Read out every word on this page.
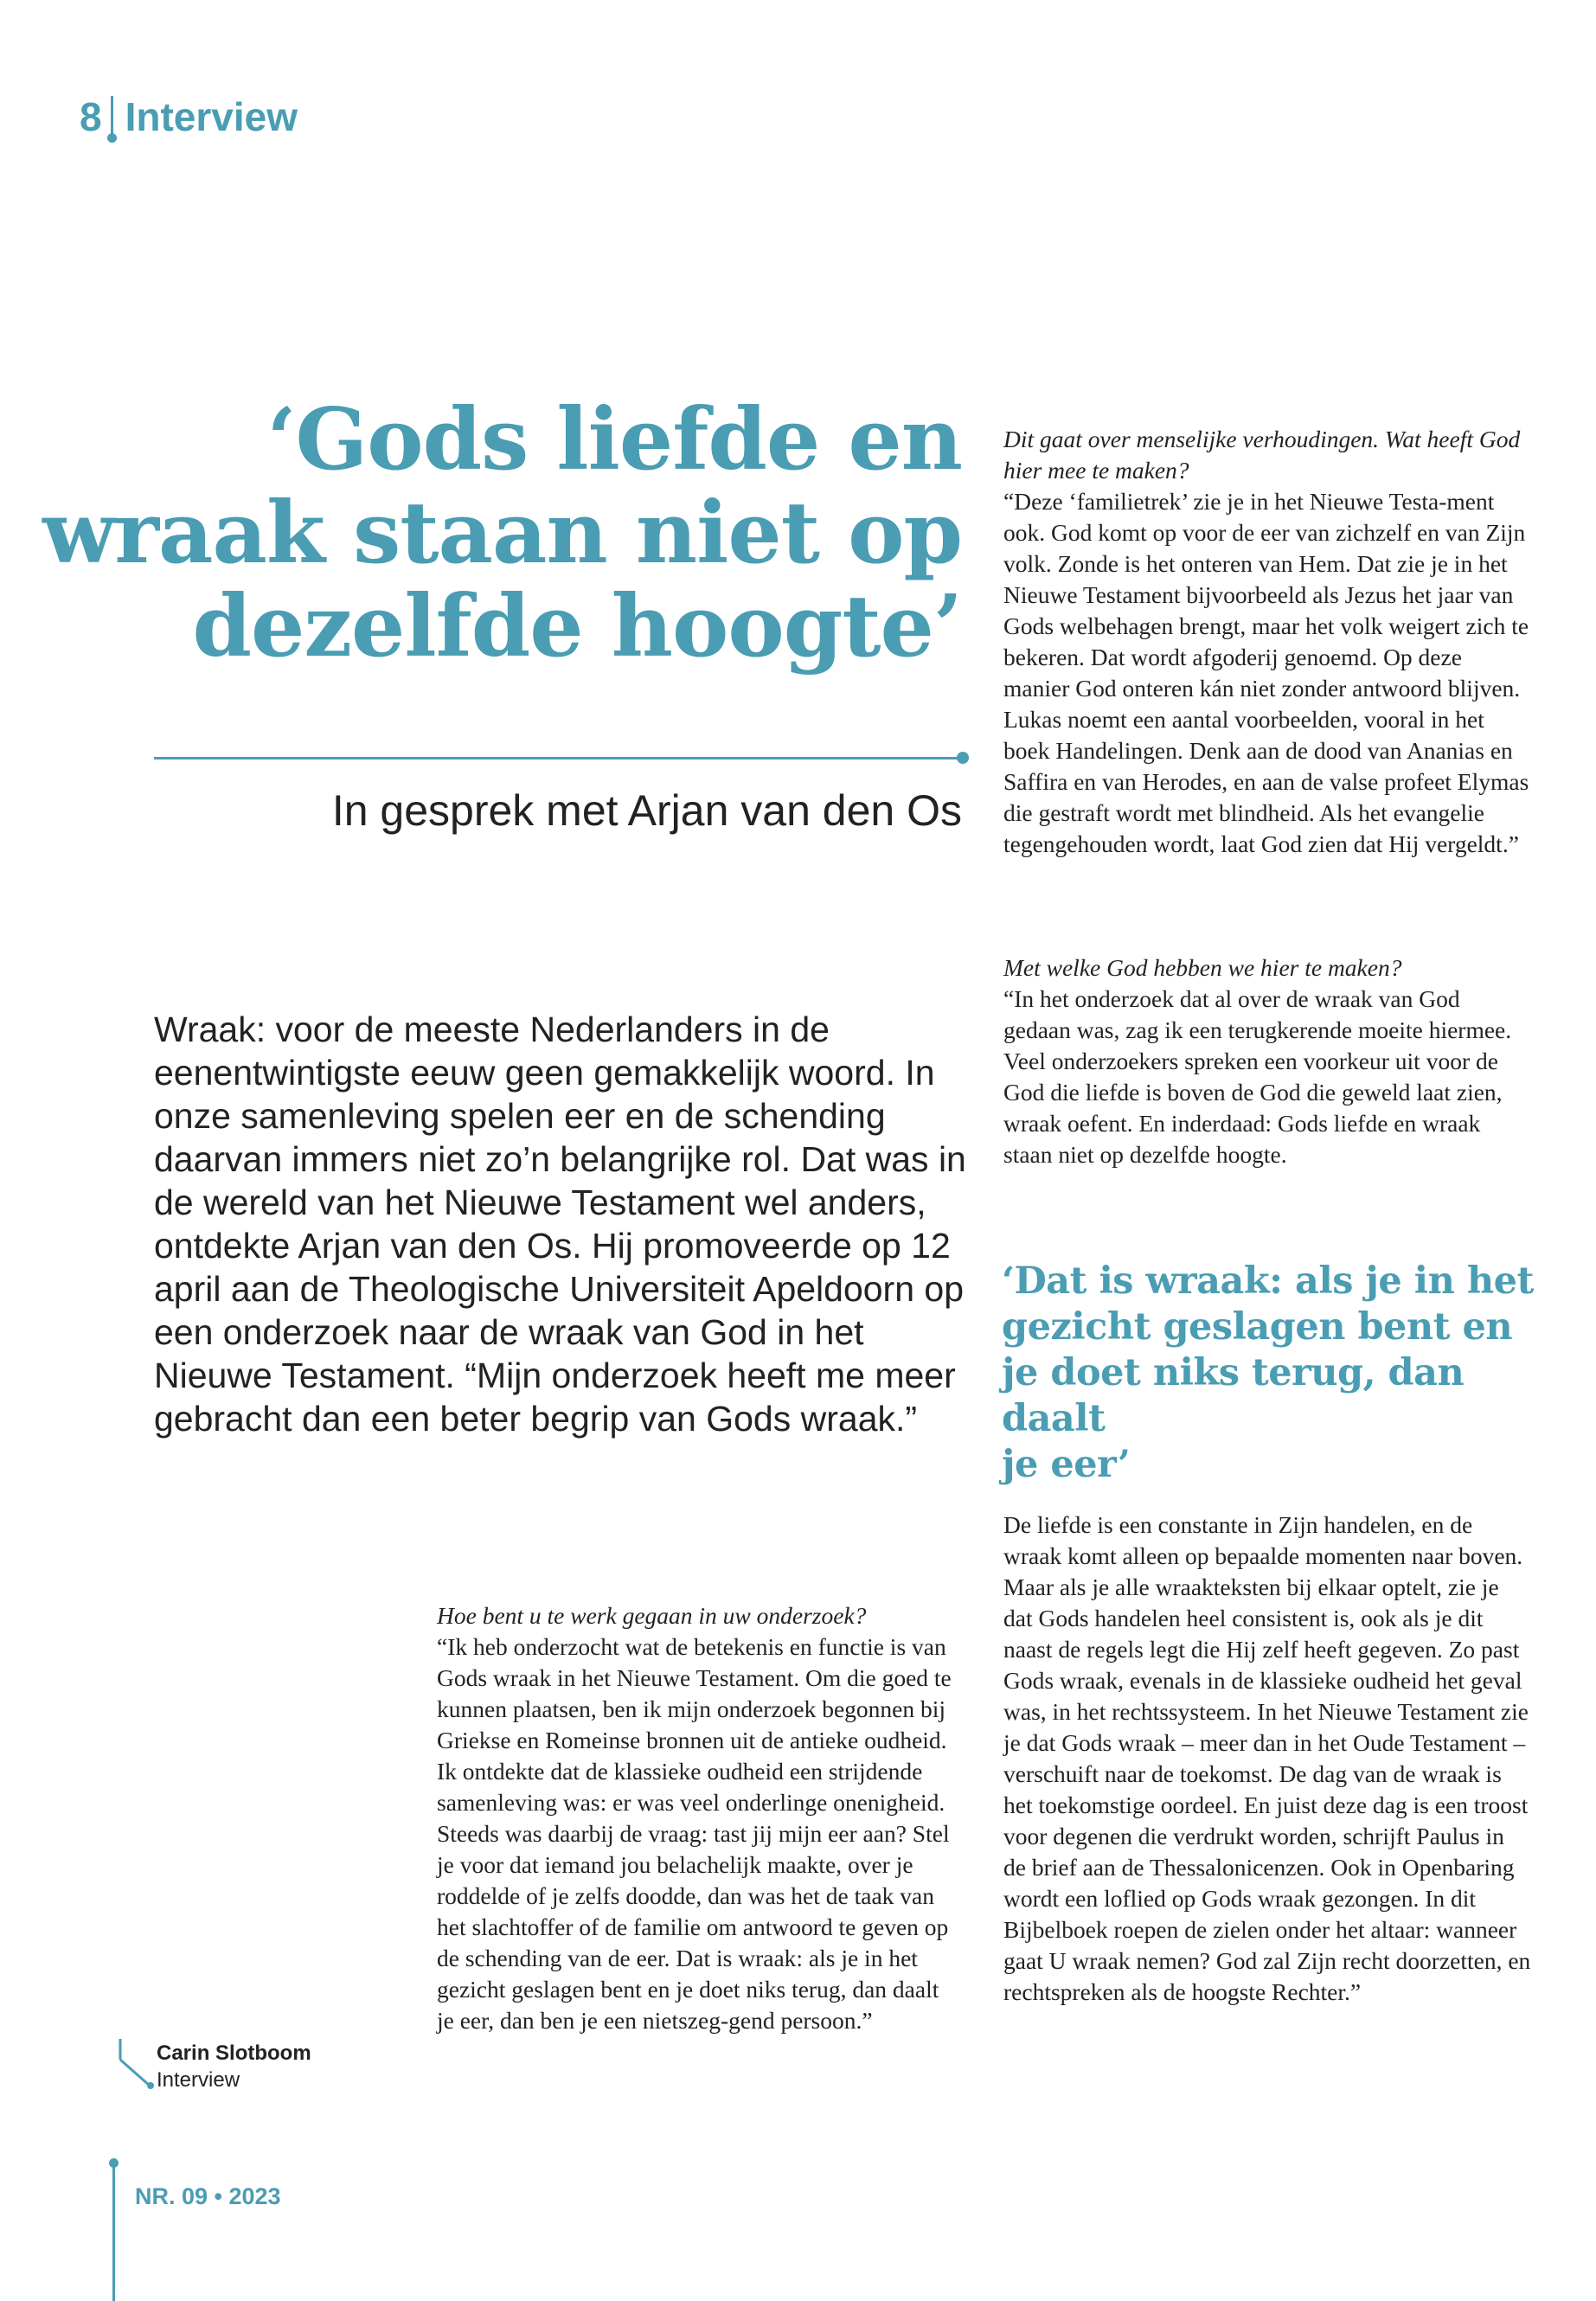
8 Interview
‘Gods liefde en
wraak staan niet op
dezelfde hoogte’
In gesprek met Arjan van den Os

Wraak: voor de meeste Nederlanders in de eenentwintigste eeuw geen gemakkelijk woord. In onze samenleving spelen eer en de schending daarvan immers niet zo’n belangrijke rol. Dat was in de wereld van het Nieuwe Testament wel anders, ontdekte Arjan van den Os. Hij promoveerde op 12 april aan de Theologische Universiteit Apeldoorn op een onderzoek naar de wraak van God in het Nieuwe Testament. “Mijn onderzoek heeft me meer gebracht dan een beter begrip van Gods wraak.”

Hoe bent u te werk gegaan in uw onderzoek?

“Ik heb onderzocht wat de betekenis en functie is van Gods wraak in het Nieuwe Testament. Om die goed te kunnen plaatsen, ben ik mijn onderzoek begonnen bij Griekse en Romeinse bronnen uit de antieke oudheid. Ik ontdekte dat de klassieke oudheid een strijdende samenleving was: er was veel onderlinge onenigheid. Steeds was daarbij de vraag: tast jij mijn eer aan? Stel je voor dat iemand jou belachelijk maakte, over je roddelde of je zelfs doodde, dan was het de taak van het slachtoffer of de familie om antwoord te geven op de schending van de eer. Dat is wraak: als je in het gezicht geslagen bent en je doet niks terug, dan daalt je eer, dan ben je een nietszeg-gend persoon.”

Dit gaat over menselijke verhoudingen. Wat heeft God hier mee te maken?

“Deze ‘familietrek’ zie je in het Nieuwe Testa-ment ook. God komt op voor de eer van zichzelf en van Zijn volk. Zonde is het onteren van Hem. Dat zie je in het Nieuwe Testament bijvoorbeeld als Jezus het jaar van Gods welbehagen brengt, maar het volk weigert zich te bekeren. Dat wordt afgoderij genoemd. Op deze manier God onteren kán niet zonder antwoord blijven. Lukas noemt een aantal voorbeelden, vooral in het boek Handelingen. Denk aan de dood van Ananias en Saffira en van Herodes, en aan de valse profeet Elymas die gestraft wordt met blindheid. Als het evangelie tegengehouden wordt, laat God zien dat Hij vergeldt.”

Met welke God hebben we hier te maken?

“In het onderzoek dat al over de wraak van God gedaan was, zag ik een terugkerende moeite hiermee. Veel onderzoekers spreken een voorkeur uit voor de God die liefde is boven de God die geweld laat zien, wraak oefent. En inderdaad: Gods liefde en wraak staan niet op dezelfde hoogte.

‘Dat is wraak: als je in het
gezicht geslagen bent en
je doet niks terug, dan daalt
je eer’

De liefde is een constante in Zijn handelen, en de wraak komt alleen op bepaalde momenten naar boven. Maar als je alle wraakteksten bij elkaar optelt, zie je dat Gods handelen heel consistent is, ook als je dit naast de regels legt die Hij zelf heeft gegeven. Zo past Gods wraak, evenals in de klassieke oudheid het geval was, in het rechtssysteem. In het Nieuwe Testament zie je dat Gods wraak – meer dan in het Oude Testament – verschuift naar de toekomst. De dag van de wraak is het toekomstige oordeel. En juist deze dag is een troost voor degenen die verdrukt worden, schrijft Paulus in de brief aan de Thessalonicenzen. Ook in Openbaring wordt een loflied op Gods wraak gezongen. In dit Bijbelboek roepen de zielen onder het altaar: wanneer gaat U wraak nemen? God zal Zijn recht doorzetten, en rechtspreken als de hoogste Rechter.”

Carin Slotboom
Interview
NR. 09 • 2023
